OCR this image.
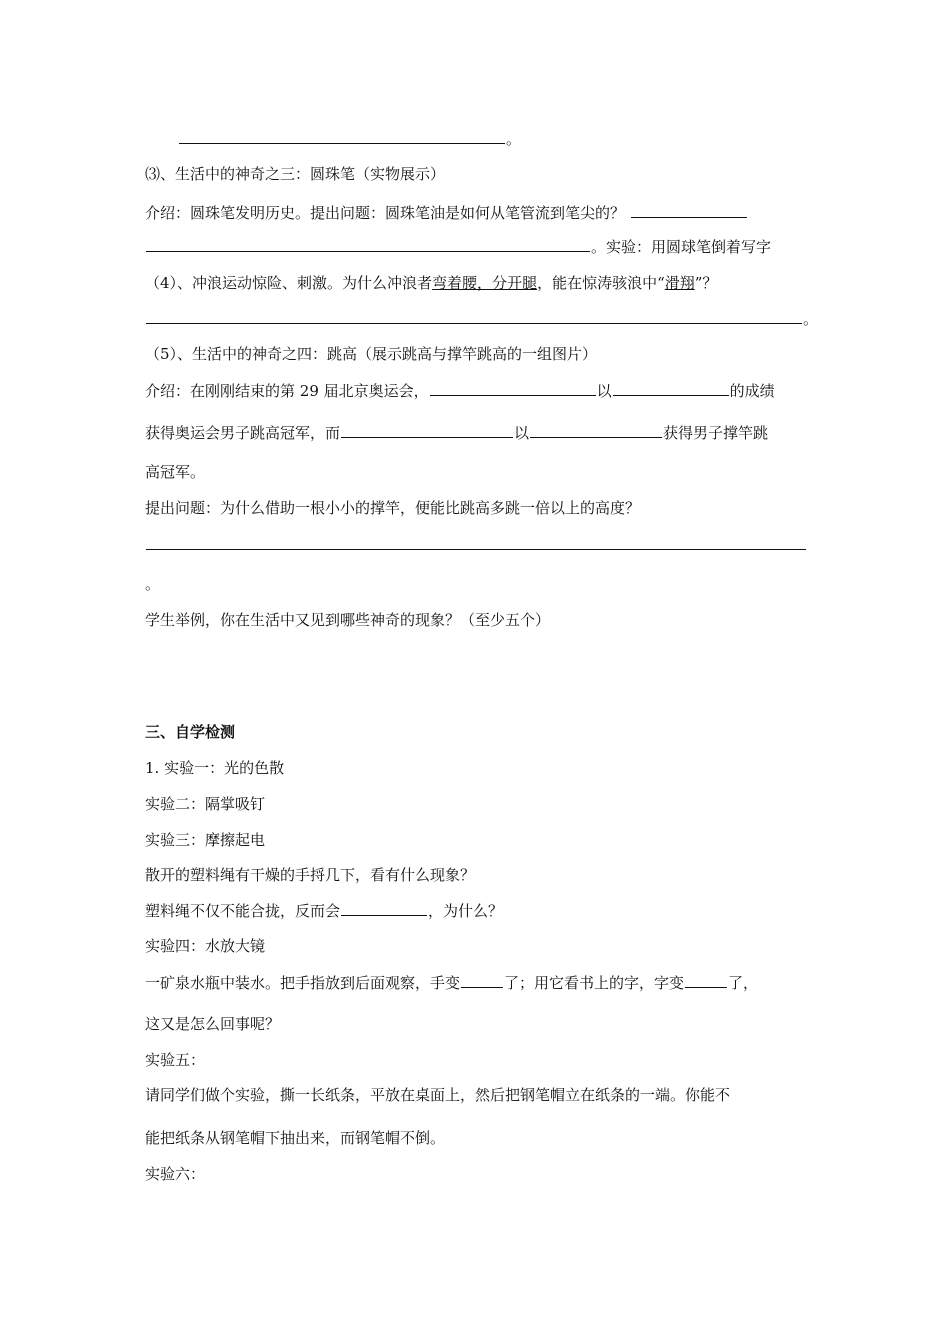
。
⑶、生活中的神奇之三：圆珠笔（实物展示）
介绍：圆珠笔发明历史。提出问题：圆珠笔油是如何从笔管流到笔尖的？
。实验：用圆球笔倒着写字
（4）、冲浪运动惊险、刺激。为什么冲浪者弯着腰，分开腿，能在惊涛骇浪中“滑翔”？
。
（5）、生活中的神奇之四：跳高（展示跳高与撑竿跳高的一组图片）
介绍：在刚刚结束的第 29 届北京奥运会，	以	的成绩
获得奥运会男子跳高冠军，而	以	获得男子撑竿跳
高冠军。
提出问题：为什么借助一根小小的撑竿，便能比跳高多跳一倍以上的高度？
。
学生举例，你在生活中又见到哪些神奇的现象？（至少五个）
三、自学检测
1. 实验一：光的色散
实验二：隔掌吸钉
实验三：摩擦起电
散开的塑料绳有干燥的手捋几下，看有什么现象？
塑料绳不仅不能合拢，反而会	，为什么？
实验四：水放大镜
一矿泉水瓶中装水。把手指放到后面观察，手变	了；用它看书上的字，字变	了，
这又是怎么回事呢？
实验五：
请同学们做个实验，撕一长纸条，平放在桌面上，然后把钢笔帽立在纸条的一端。你能不
能把纸条从钢笔帽下抽出来，而钢笔帽不倒。
实验六：
